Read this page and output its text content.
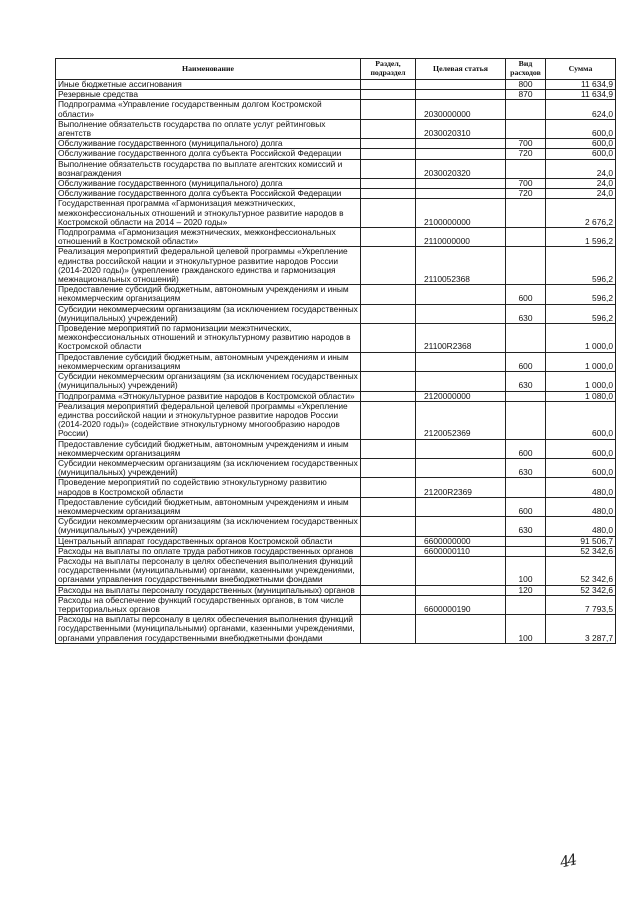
Наименование	Раздел, подраздел	Целевая статья	Вид расходов	Сумма
Иные бюджетные ассигнования			800	11 634,9
Резервные средства			870	11 634,9
Подпрограмма «Управление государственным долгом Костромской области»		2030000000		624,0
Выполнение обязательств государства по оплате услуг рейтинговых агентств		2030020310		600,0
Обслуживание государственного (муниципального) долга			700	600,0
Обслуживание государственного долга субъекта Российской Федерации			720	600,0
Выполнение обязательств государства по выплате агентских комиссий и вознаграждения		2030020320		24,0
Обслуживание государственного (муниципального) долга			700	24,0
Обслуживание государственного долга субъекта Российской Федерации			720	24,0
Государственная программа «Гармонизация межэтнических, межконфессиональных отношений и этнокультурное развитие народов в Костромской области на 2014 – 2020 годы»		2100000000		2 676,2
Подпрограмма «Гармонизация межэтнических, межконфессиональных отношений в Костромской области»		2110000000		1 596,2
Реализация мероприятий федеральной целевой программы «Укрепление единства российской нации и этнокультурное развитие народов России (2014-2020 годы)» (укрепление гражданского единства и гармонизация межнациональных отношений)		2110052368		596,2
Предоставление субсидий бюджетным, автономным учреждениям и иным некоммерческим организациям			600	596,2
Субсидии некоммерческим организациям (за исключением государственных (муниципальных) учреждений)			630	596,2
Проведение мероприятий по гармонизации межэтнических, межконфессиональных отношений и этнокультурному развитию народов в Костромской области		21100R2368		1 000,0
Предоставление субсидий бюджетным, автономным учреждениям и иным некоммерческим организациям			600	1 000,0
Субсидии некоммерческим организациям (за исключением государственных (муниципальных) учреждений)			630	1 000,0
Подпрограмма «Этнокультурное развитие народов в Костромской области»		2120000000		1 080,0
Реализация мероприятий федеральной целевой программы «Укрепление единства российской нации и этнокультурное развитие народов России (2014-2020 годы)» (содействие этнокультурному многообразию народов России)		2120052369		600,0
Предоставление субсидий бюджетным, автономным учреждениям и иным некоммерческим организациям			600	600,0
Субсидии некоммерческим организациям (за исключением государственных (муниципальных) учреждений)			630	600,0
Проведение мероприятий по содействию этнокультурному развитию народов в Костромской области		21200R2369		480,0
Предоставление субсидий бюджетным, автономным учреждениям и иным некоммерческим организациям			600	480,0
Субсидии некоммерческим организациям (за исключением государственных (муниципальных) учреждений)			630	480,0
Центральный аппарат государственных органов Костромской области		6600000000		91 506,7
Расходы на выплаты по оплате труда работников государственных органов		6600000110		52 342,6
Расходы на выплаты персоналу в целях обеспечения выполнения функций государственными (муниципальными) органами, казенными учреждениями, органами управления государственными внебюджетными фондами			100	52 342,6
Расходы на выплаты персоналу государственных (муниципальных) органов			120	52 342,6
Расходы на обеспечение функций государственных органов, в том числе территориальных органов		6600000190		7 793,5
Расходы на выплаты персоналу в целях обеспечения выполнения функций государственными (муниципальными) органами, казенными учреждениями, органами управления государственными внебюджетными фондами			100	3 287,7
44
